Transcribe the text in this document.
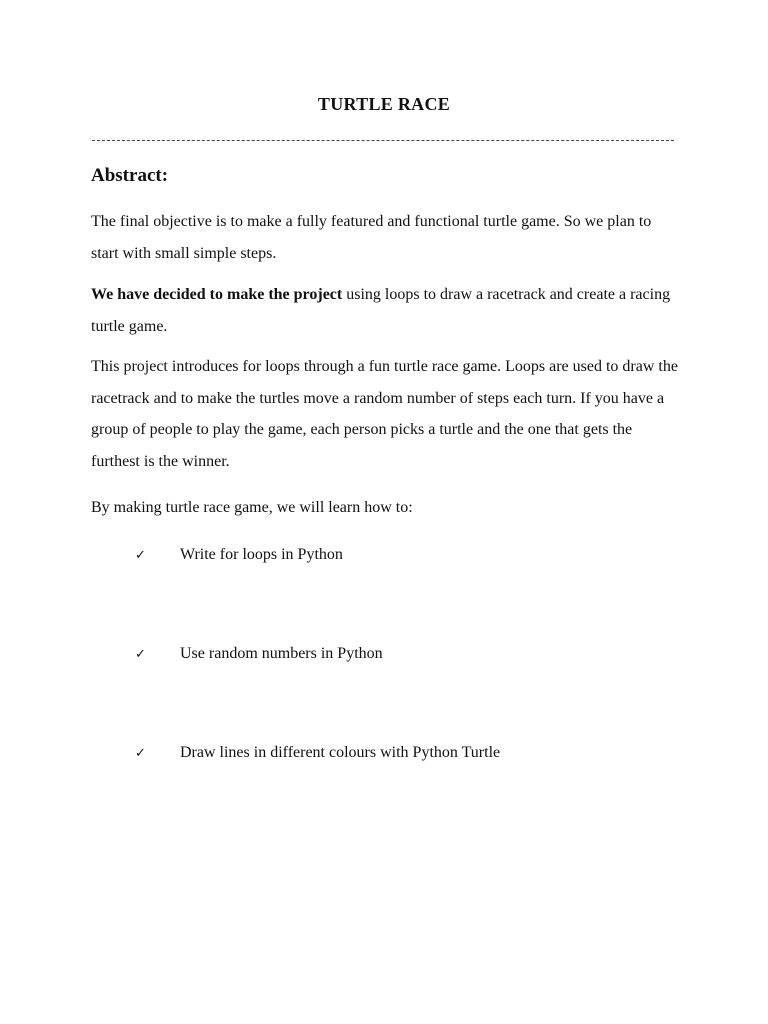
TURTLE RACE
Abstract:

The final objective is to make a fully featured and functional turtle game. So we plan to start with small simple steps.

We have decided to make the project using loops to draw a racetrack and create a racing turtle game.

This project introduces for loops through a fun turtle race game. Loops are used to draw the racetrack and to make the turtles move a random number of steps each turn. If you have a group of people to play the game, each person picks a turtle and the one that gets the furthest is the winner.

By making turtle race game, we will learn how to:

✓ Write for loops in Python
✓ Use random numbers in Python
✓ Draw lines in different colours with Python Turtle
